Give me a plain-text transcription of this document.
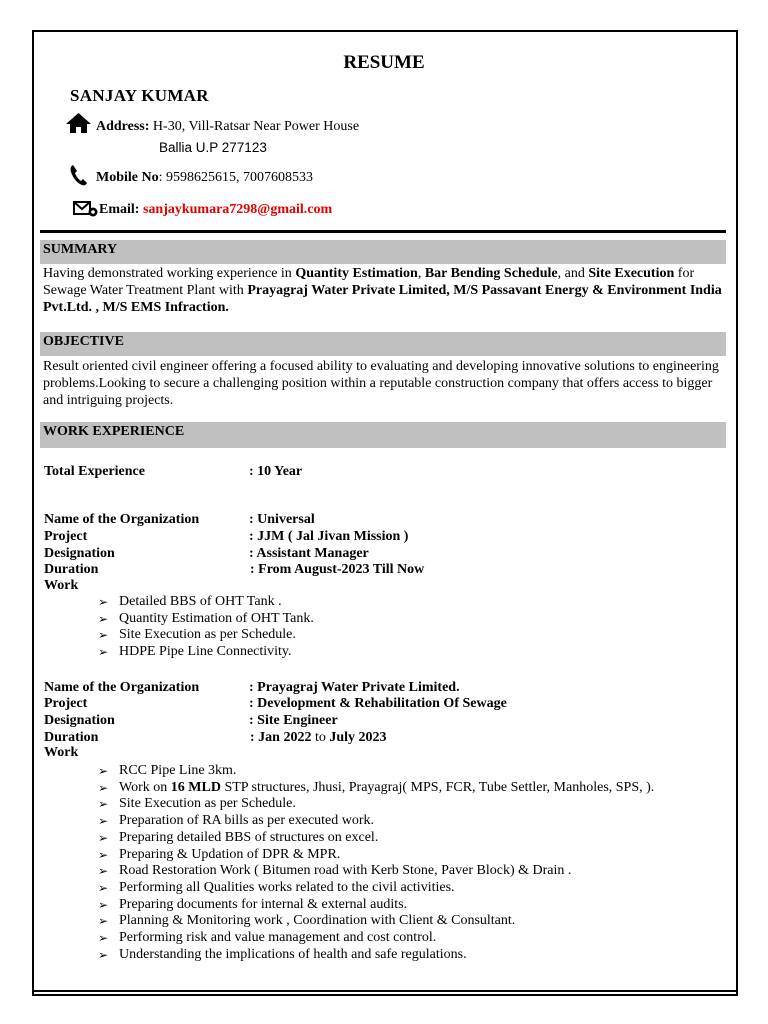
RESUME
SANJAY KUMAR
Address: H-30, Vill-Ratsar Near Power House
Ballia U.P 277123
Mobile No: 9598625615, 7007608533
Email: sanjaykumara7298@gmail.com
SUMMARY
Having demonstrated working experience in Quantity Estimation, Bar Bending Schedule, and Site Execution for Sewage Water Treatment Plant with Prayagraj Water Private Limited, M/S Passavant Energy & Environment India Pvt.Ltd. , M/S EMS Infraction.
OBJECTIVE
Result oriented civil engineer offering a focused ability to evaluating and developing innovative solutions to engineering problems.Looking to secure a challenging position within a reputable construction company that offers access to bigger and intriguing projects.
WORK EXPERIENCE
Total Experience	: 10 Year
Name of the Organization	: Universal
Project	: JJM ( Jal Jivan Mission )
Designation	: Assistant Manager
Duration	: From August-2023 Till Now
Work
➢ Detailed BBS of OHT Tank .
➢ Quantity Estimation of OHT Tank.
➢ Site Execution as per Schedule.
➢ HDPE Pipe Line Connectivity.
Name of the Organization	: Prayagraj Water Private Limited.
Project	: Development & Rehabilitation Of Sewage
Designation	: Site Engineer
Duration	: Jan 2022 to July 2023
Work
➢ RCC Pipe Line 3km.
➢ Work on 16 MLD STP structures, Jhusi, Prayagraj( MPS, FCR, Tube Settler, Manholes, SPS, ).
➢ Site Execution as per Schedule.
➢ Preparation of RA bills as per executed work.
➢ Preparing detailed BBS of structures on excel.
➢ Preparing & Updation of DPR & MPR.
➢ Road Restoration Work ( Bitumen road with Kerb Stone, Paver Block) & Drain .
➢ Performing all Qualities works related to the civil activities.
➢ Preparing documents for internal & external audits.
➢ Planning & Monitoring work , Coordination with Client & Consultant.
➢ Performing risk and value management and cost control.
➢ Understanding the implications of health and safe regulations.
